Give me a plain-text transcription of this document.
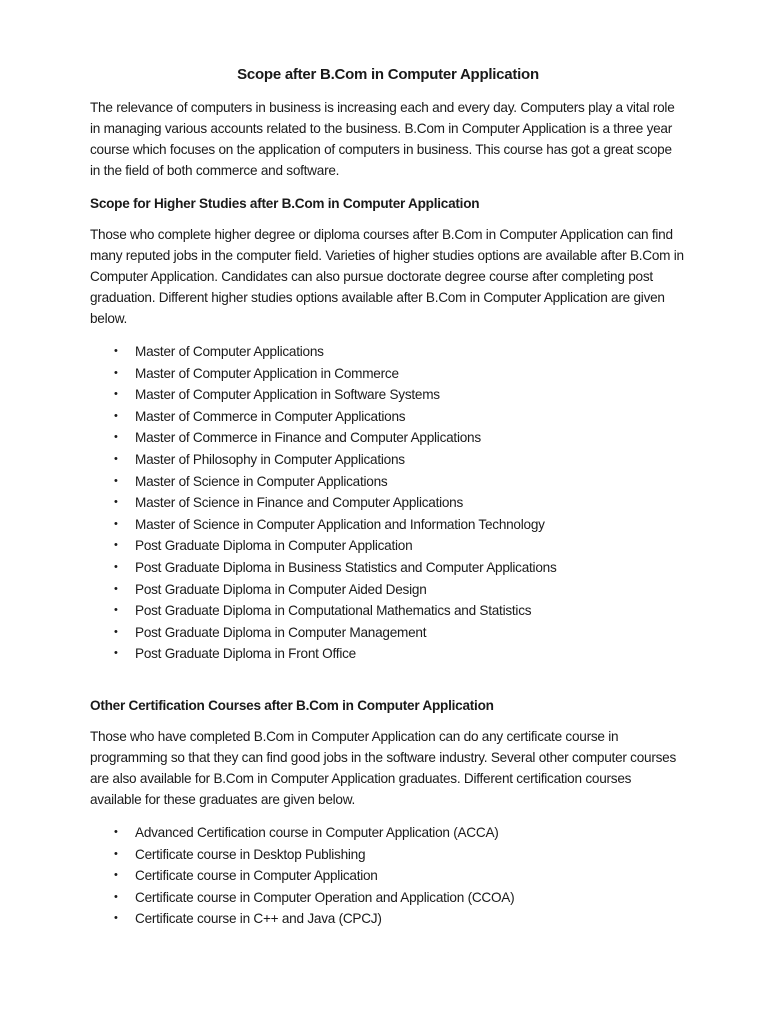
Scope after B.Com in Computer Application

The relevance of computers in business is increasing each and every day. Computers play a vital role in managing various accounts related to the business. B.Com in Computer Application is a three year course which focuses on the application of computers in business. This course has got a great scope in the field of both commerce and software.

Scope for Higher Studies after B.Com in Computer Application

Those who complete higher degree or diploma courses after B.Com in Computer Application can find many reputed jobs in the computer field. Varieties of higher studies options are available after B.Com in Computer Application. Candidates can also pursue doctorate degree course after completing post graduation. Different higher studies options available after B.Com in Computer Application are given below.

• Master of Computer Applications
• Master of Computer Application in Commerce
• Master of Computer Application in Software Systems
• Master of Commerce in Computer Applications
• Master of Commerce in Finance and Computer Applications
• Master of Philosophy in Computer Applications
• Master of Science in Computer Applications
• Master of Science in Finance and Computer Applications
• Master of Science in Computer Application and Information Technology
• Post Graduate Diploma in Computer Application
• Post Graduate Diploma in Business Statistics and Computer Applications
• Post Graduate Diploma in Computer Aided Design
• Post Graduate Diploma in Computational Mathematics and Statistics
• Post Graduate Diploma in Computer Management
• Post Graduate Diploma in Front Office
Other Certification Courses after B.Com in Computer Application

Those who have completed B.Com in Computer Application can do any certificate course in programming so that they can find good jobs in the software industry. Several other computer courses are also available for B.Com in Computer Application graduates. Different certification courses available for these graduates are given below.

• Advanced Certification course in Computer Application (ACCA)
• Certificate course in Desktop Publishing
• Certificate course in Computer Application
• Certificate course in Computer Operation and Application (CCOA)
• Certificate course in C++ and Java (CPCJ)
